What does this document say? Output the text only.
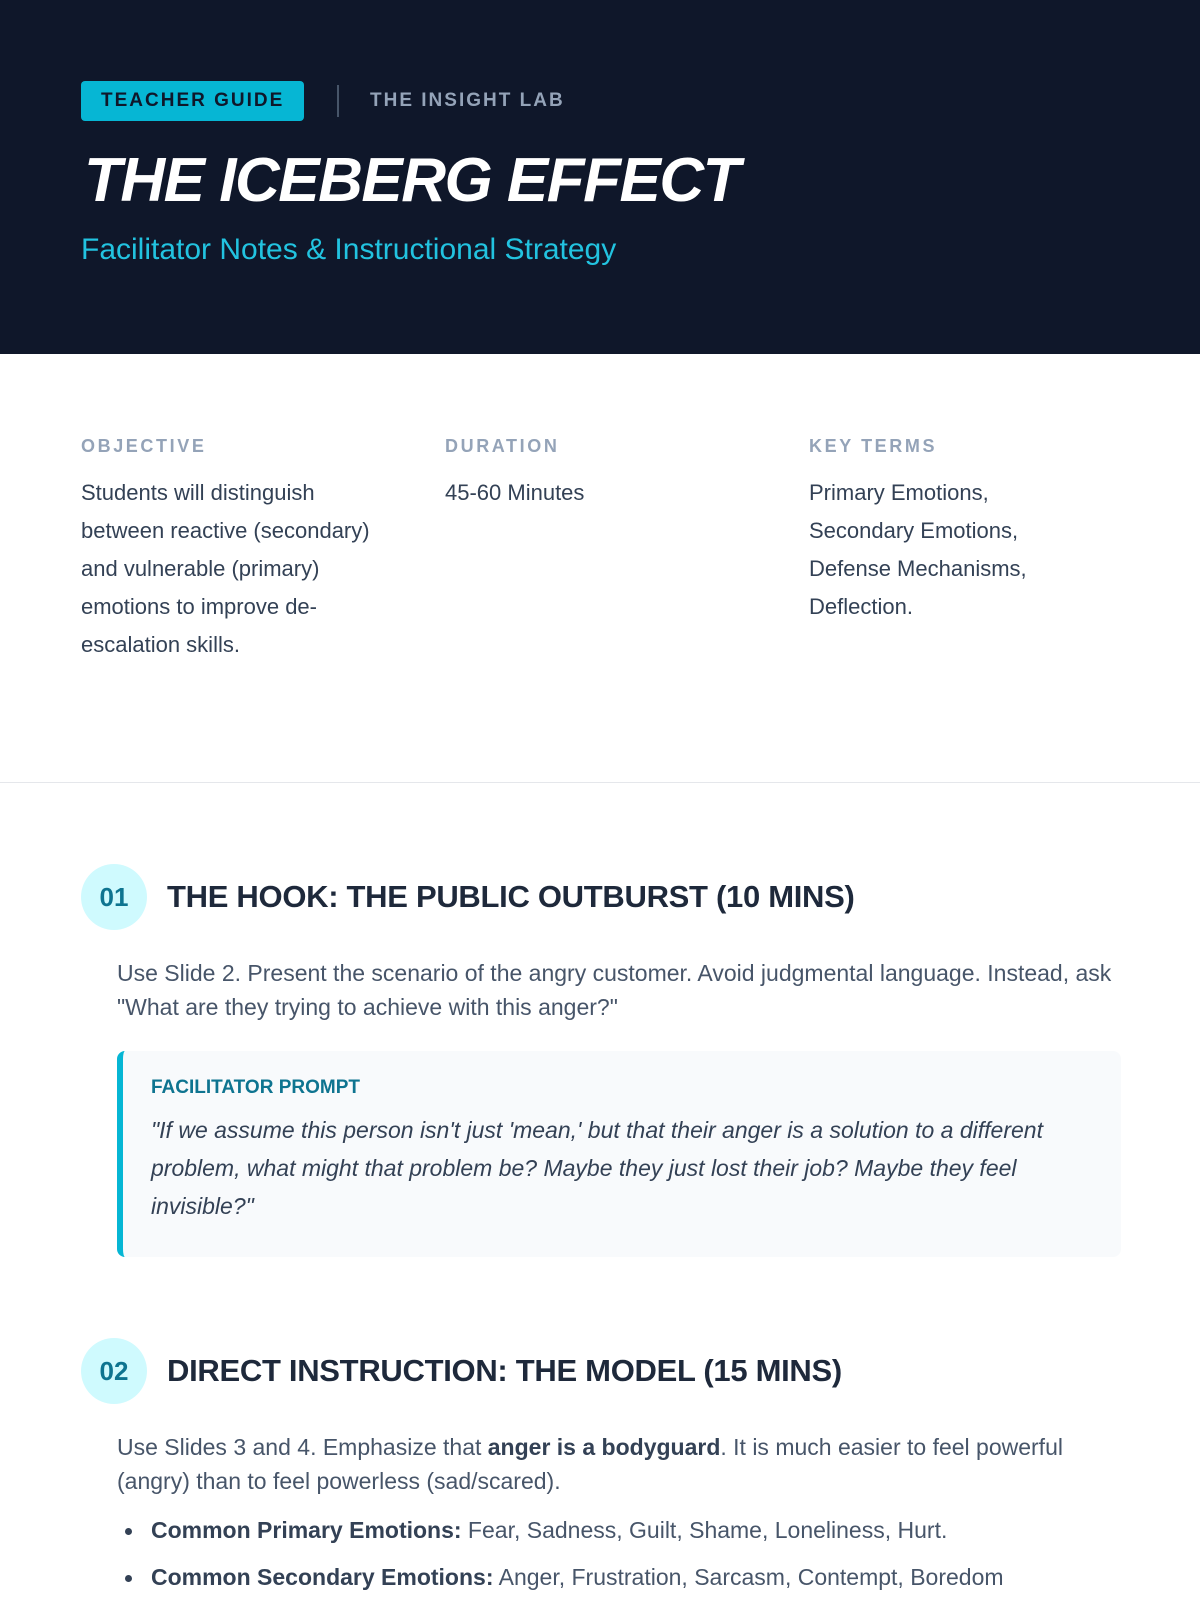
TEACHER GUIDE	THE INSIGHT LAB
THE ICEBERG EFFECT
Facilitator Notes & Instructional Strategy
OBJECTIVE
Students will distinguish between reactive (secondary) and vulnerable (primary) emotions to improve de-escalation skills.
DURATION
45-60 Minutes
KEY TERMS
Primary Emotions, Secondary Emotions, Defense Mechanisms, Deflection.
01	THE HOOK: THE PUBLIC OUTBURST (10 MINS)
Use Slide 2. Present the scenario of the angry customer. Avoid judgmental language. Instead, ask "What are they trying to achieve with this anger?"
FACILITATOR PROMPT
"If we assume this person isn't just 'mean,' but that their anger is a solution to a different problem, what might that problem be? Maybe they just lost their job? Maybe they feel invisible?"
02	DIRECT INSTRUCTION: THE MODEL (15 MINS)
Use Slides 3 and 4. Emphasize that anger is a bodyguard. It is much easier to feel powerful (angry) than to feel powerless (sad/scared).
Common Primary Emotions: Fear, Sadness, Guilt, Shame, Loneliness, Hurt.
Common Secondary Emotions: Anger, Frustration, Sarcasm, Contempt, Boredom
